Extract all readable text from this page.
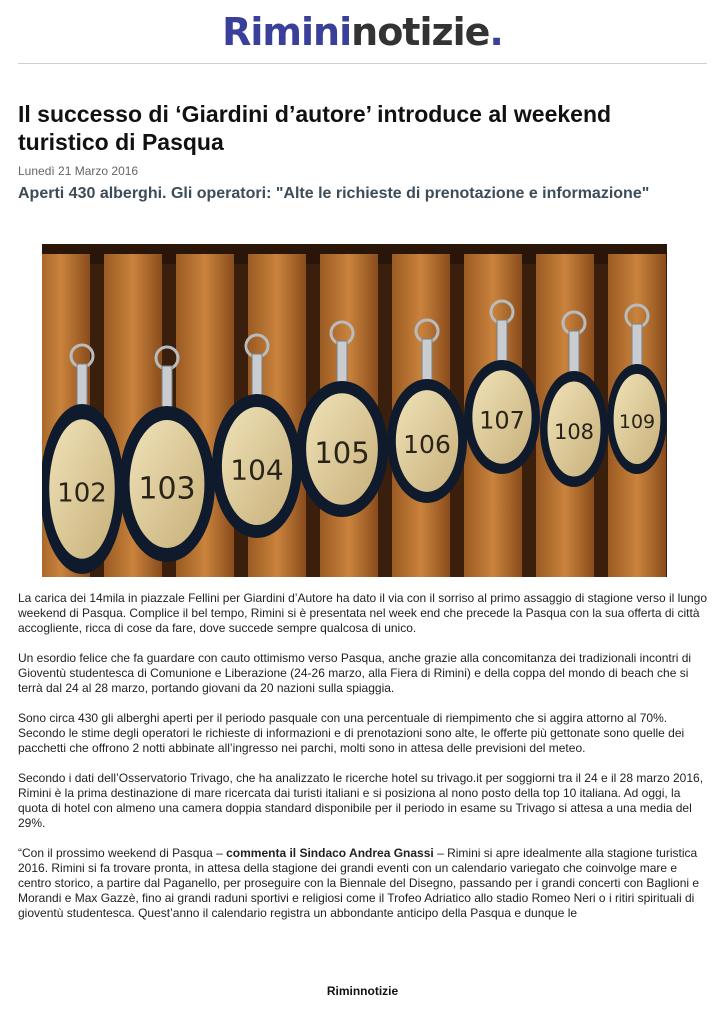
Rimininotizie.
Il successo di ‘Giardini d’autore’ introduce al weekend turistico di Pasqua
Lunedì 21 Marzo 2016
Aperti 430 alberghi. Gli operatori: "Alte le richieste di prenotazione e informazione"
102 103
104
105 106
107 108 109

La carica dei 14mila in piazzale Fellini per Giardini d’Autore ha dato il via con il sorriso al primo assaggio di stagione verso il lungo weekend di Pasqua. Complice il bel tempo, Rimini si è presentata nel week end che precede la Pasqua con la sua offerta di città accogliente, ricca di cose da fare, dove succede sempre qualcosa di unico.

Un esordio felice che fa guardare con cauto ottimismo verso Pasqua, anche grazie alla concomitanza dei tradizionali incontri di Gioventù studentesca di Comunione e Liberazione (24-26 marzo, alla Fiera di Rimini) e della coppa del mondo di beach che si terrà dal 24 al 28 marzo, portando giovani da 20 nazioni sulla spiaggia.

Sono circa 430 gli alberghi aperti per il periodo pasquale con una percentuale di riempimento che si aggira attorno al 70%. Secondo le stime degli operatori le richieste di informazioni e di prenotazioni sono alte, le offerte più gettonate sono quelle dei pacchetti che offrono 2 notti abbinate all’ingresso nei parchi, molti sono in attesa delle previsioni del meteo.

Secondo i dati dell’Osservatorio Trivago, che ha analizzato le ricerche hotel su trivago.it per soggiorni tra il 24 e il 28 marzo 2016, Rimini è la prima destinazione di mare ricercata dai turisti italiani e si posiziona al nono posto della top 10 italiana. Ad oggi, la quota di hotel con almeno una camera doppia standard disponibile per il periodo in esame su Trivago si attesa a una media del 29%.

“Con il prossimo weekend di Pasqua – commenta il Sindaco Andrea Gnassi – Rimini si apre idealmente alla stagione turistica 2016. Rimini si fa trovare pronta, in attesa della stagione dei grandi eventi con un calendario variegato che coinvolge mare e centro storico, a partire dal Paganello, per proseguire con la Biennale del Disegno, passando per i grandi concerti con Baglioni e Morandi e Max Gazzè, fino ai grandi raduni sportivi e religiosi come il Trofeo Adriatico allo stadio Romeo Neri o i ritiri spirituali di gioventù studentesca. Quest’anno il calendario registra un abbondante anticipo della Pasqua e dunque le

Riminnotizie
